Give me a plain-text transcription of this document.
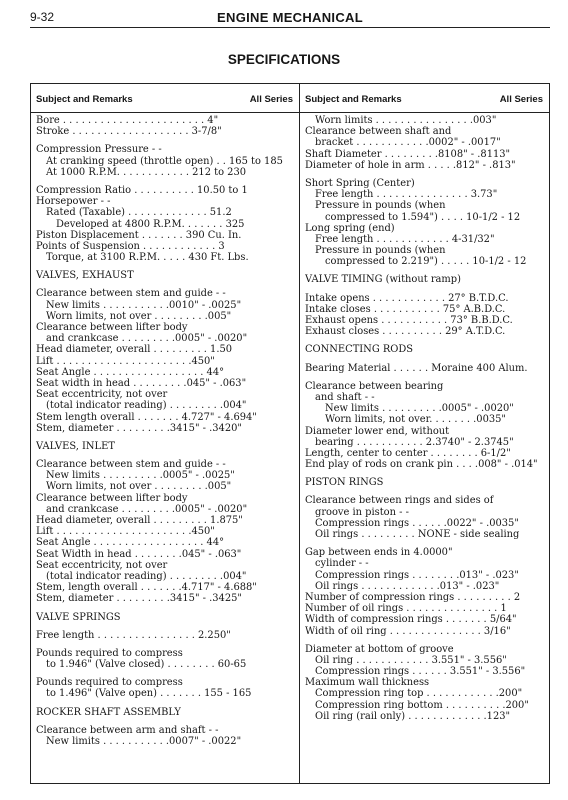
9-32	ENGINE MECHANICAL
SPECIFICATIONS
Subject and Remarks	All Series
Bore . . . . . . . . . . . . . . . . . . . . . . . 4"
Stroke . . . . . . . . . . . . . . . . . . . 3-7/8"
Compression Pressure - -
At cranking speed (throttle open) . . 165 to 185
At 1000 R.P.M. . . . . . . . . . . . 212 to 230
Compression Ratio . . . . . . . . . . 10.50 to 1
Horsepower - -
Rated (Taxable) . . . . . . . . . . . . . 51.2
Developed at 4800 R.P.M. . . . . . . 325
Piston Displacement . . . . . . . 390 Cu. In.
Points of Suspension . . . . . . . . . . . . 3
Torque, at 3100 R.P.M. . . . . 430 Ft. Lbs.
VALVES, EXHAUST
Clearance between stem and guide - -
New limits . . . . . . . . . . .0010" - .0025"
Worn limits, not over . . . . . . . . .005"
Clearance between lifter body
and crankcase . . . . . . . . .0005" - .0020"
Head diameter, overall . . . . . . . . . 1.50
Lift . . . . . . . . . . . . . . . . . . . . . .450"
Seat Angle . . . . . . . . . . . . . . . . . . 44°
Seat width in head . . . . . . . . .045" - .063"
Seat eccentricity, not over
(total indicator reading) . . . . . . . . .004"
Stem length overall . . . . . . . 4.727" - 4.694"
Stem, diameter . . . . . . . . .3415" - .3420"
VALVES, INLET
Clearance between stem and guide - -
New limits . . . . . . . . . .0005" - .0025"
Worn limits, not over . . . . . . . . .005"
Clearance between lifter body
and crankcase . . . . . . . . .0005" - .0020"
Head diameter, overall . . . . . . . . . 1.875"
Lift . . . . . . . . . . . . . . . . . . . . . .450"
Seat Angle . . . . . . . . . . . . . . . . . . 44°
Seat Width in head . . . . . . . .045" - .063"
Seat eccentricity, not over
(total indicator reading) . . . . . . . . .004"
Stem, length overall . . . . . . .4.717" - 4.688"
Stem, diameter . . . . . . . . .3415" - .3425"
VALVE SPRINGS
Free length . . . . . . . . . . . . . . . . 2.250"
Pounds required to compress
to 1.946" (Valve closed) . . . . . . . . 60-65
Pounds required to compress
to 1.496" (Valve open) . . . . . . . 155 - 165
ROCKER SHAFT ASSEMBLY
Clearance between arm and shaft - -
New limits . . . . . . . . . . .0007" - .0022"
Subject and Remarks	All Series
Worn limits . . . . . . . . . . . . . . . .003"
Clearance between shaft and
bracket . . . . . . . . . . . .0002" - .0017"
Shaft Diameter . . . . . . . . .8108" - .8113"
Diameter of hole in arm . . . . .812" - .813"
Short Spring (Center)
Free length . . . . . . . . . . . . . . . 3.73"
Pressure in pounds (when
compressed to 1.594") . . . . 10-1/2 - 12
Long spring (end)
Free length . . . . . . . . . . . . 4-31/32"
Pressure in pounds (when
compressed to 2.219") . . . . . 10-1/2 - 12
VALVE TIMING (without ramp)
Intake opens . . . . . . . . . . . . 27° B.T.D.C.
Intake closes . . . . . . . . . . . 75° A.B.D.C.
Exhaust opens . . . . . . . . . . . 73° B.B.D.C.
Exhaust closes . . . . . . . . . . 29° A.T.D.C.
CONNECTING RODS
Bearing Material . . . . . . Moraine 400 Alum.
Clearance between bearing
and shaft - -
New limits . . . . . . . . . .0005" - .0020"
Worn limits, not over. . . . . . . .0035"
Diameter lower end, without
bearing . . . . . . . . . . . 2.3740" - 2.3745"
Length, center to center . . . . . . . . 6-1/2"
End play of rods on crank pin . . . .008" - .014"
PISTON RINGS
Clearance between rings and sides of
groove in piston - -
Compression rings . . . . . .0022" - .0035"
Oil rings . . . . . . . . . NONE - side sealing
Gap between ends in 4.0000"
cylinder - -
Compression rings . . . . . . . .013" - .023"
Oil rings . . . . . . . . . . . . .013" - .023"
Number of compression rings . . . . . . . . . 2
Number of oil rings . . . . . . . . . . . . . . . 1
Width of compression rings . . . . . . . 5/64"
Width of oil ring . . . . . . . . . . . . . . . 3/16"
Diameter at bottom of groove
Oil ring . . . . . . . . . . . . 3.551" - 3.556"
Compression rings . . . . . . 3.551" - 3.556"
Maximum wall thickness
Compression ring top . . . . . . . . . . . .200"
Compression ring bottom . . . . . . . . . .200"
Oil ring (rail only) . . . . . . . . . . . . .123"
